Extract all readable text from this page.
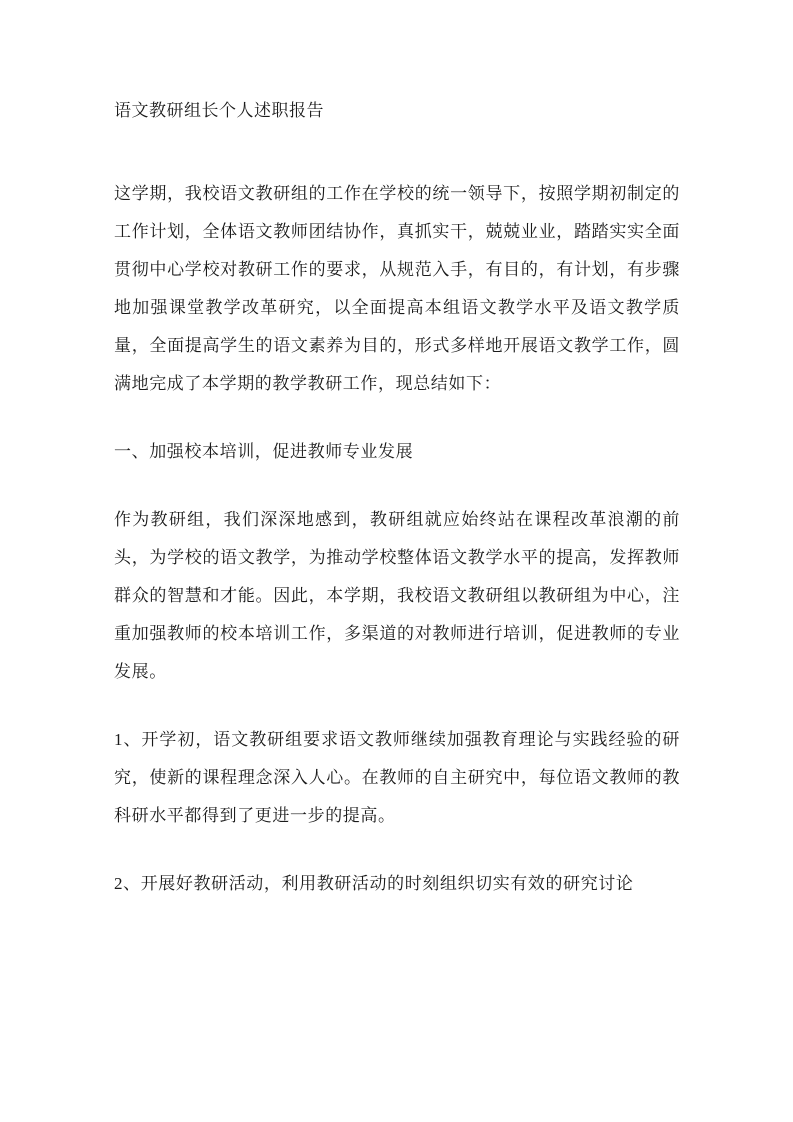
语文教研组长个人述职报告

这学期，我校语文教研组的工作在学校的统一领导下，按照学期初制定的工作计划，全体语文教师团结协作，真抓实干，兢兢业业，踏踏实实全面贯彻中心学校对教研工作的要求，从规范入手，有目的，有计划，有步骤地加强课堂教学改革研究，以全面提高本组语文教学水平及语文教学质量，全面提高学生的语文素养为目的，形式多样地开展语文教学工作，圆满地完成了本学期的教学教研工作，现总结如下：

一、加强校本培训，促进教师专业发展

作为教研组，我们深深地感到，教研组就应始终站在课程改革浪潮的前头，为学校的语文教学，为推动学校整体语文教学水平的提高，发挥教师群众的智慧和才能。因此，本学期，我校语文教研组以教研组为中心，注重加强教师的校本培训工作，多渠道的对教师进行培训，促进教师的专业发展。

1、开学初，语文教研组要求语文教师继续加强教育理论与实践经验的研究，使新的课程理念深入人心。在教师的自主研究中，每位语文教师的教科研水平都得到了更进一步的提高。

2、开展好教研活动，利用教研活动的时刻组织切实有效的研究讨论
